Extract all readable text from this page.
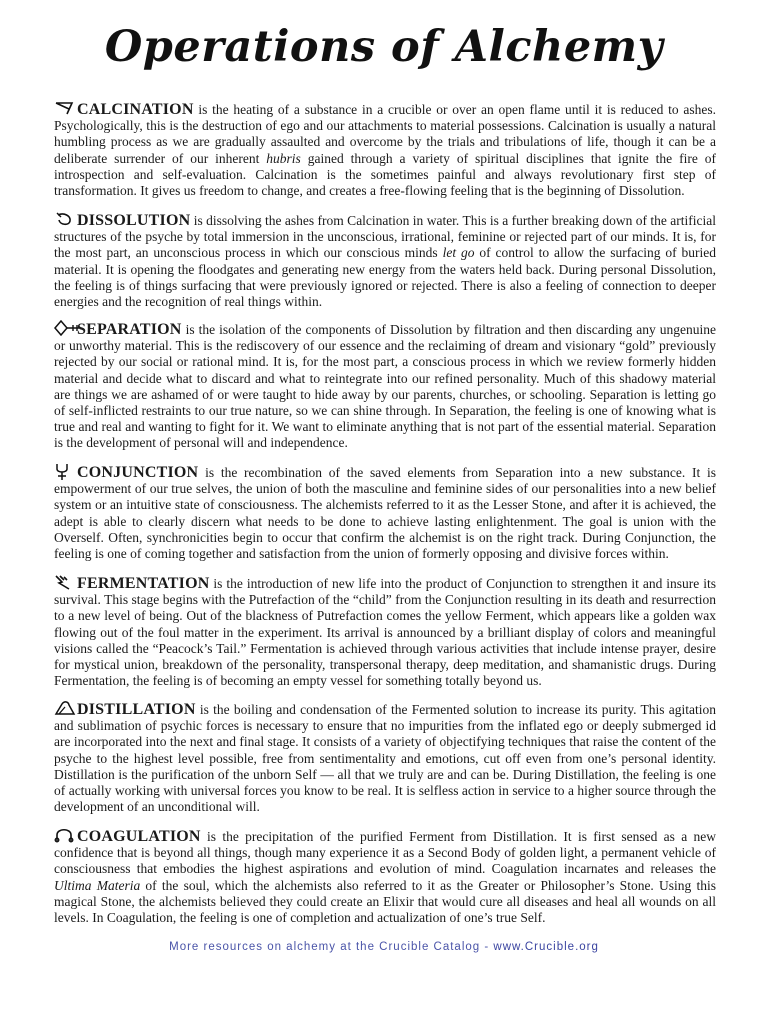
Operations of Alchemy

CALCINATION is the heating of a substance in a crucible or over an open flame until it is reduced to ashes. Psychologically, this is the destruction of ego and our attachments to material possessions. Calcination is usually a natural humbling process as we are gradually assaulted and overcome by the trials and tribulations of life, though it can be a deliberate surrender of our inherent hubris gained through a variety of spiritual disciplines that ignite the fire of introspection and self-evaluation. Calcination is the sometimes painful and always revolutionary first step of transformation. It gives us freedom to change, and creates a free-flowing feeling that is the beginning of Dissolution.

DISSOLUTION is dissolving the ashes from Calcination in water. This is a further breaking down of the artificial structures of the psyche by total immersion in the unconscious, irrational, feminine or rejected part of our minds. It is, for the most part, an unconscious process in which our conscious minds let go of control to allow the surfacing of buried material. It is opening the floodgates and generating new energy from the waters held back. During personal Dissolution, the feeling is of things surfacing that were previously ignored or rejected. There is also a feeling of connection to deeper energies and the recognition of real things within.

SEPARATION is the isolation of the components of Dissolution by filtration and then discarding any ungenuine or unworthy material. This is the rediscovery of our essence and the reclaiming of dream and visionary “gold” previously rejected by our social or rational mind. It is, for the most part, a conscious process in which we review formerly hidden material and decide what to discard and what to reintegrate into our refined personality. Much of this shadowy material are things we are ashamed of or were taught to hide away by our parents, churches, or schooling. Separation is letting go of self-inflicted restraints to our true nature, so we can shine through. In Separation, the feeling is one of knowing what is true and real and wanting to fight for it. We want to eliminate anything that is not part of the essential material. Separation is the development of personal will and independence.

CONJUNCTION is the recombination of the saved elements from Separation into a new substance. It is empowerment of our true selves, the union of both the masculine and feminine sides of our personalities into a new belief system or an intuitive state of consciousness. The alchemists referred to it as the Lesser Stone, and after it is achieved, the adept is able to clearly discern what needs to be done to achieve lasting enlightenment. The goal is union with the Overself. Often, synchronicities begin to occur that confirm the alchemist is on the right track. During Conjunction, the feeling is one of coming together and satisfaction from the union of formerly opposing and divisive forces within.

FERMENTATION is the introduction of new life into the product of Conjunction to strengthen it and insure its survival. This stage begins with the Putrefaction of the “child” from the Conjunction resulting in its death and resurrection to a new level of being. Out of the blackness of Putrefaction comes the yellow Ferment, which appears like a golden wax flowing out of the foul matter in the experiment. Its arrival is announced by a brilliant display of colors and meaningful visions called the “Peacock’s Tail.” Fermentation is achieved through various activities that include intense prayer, desire for mystical union, breakdown of the personality, transpersonal therapy, deep meditation, and shamanistic drugs. During Fermentation, the feeling is of becoming an empty vessel for something totally beyond us.

DISTILLATION is the boiling and condensation of the Fermented solution to increase its purity. This agitation and sublimation of psychic forces is necessary to ensure that no impurities from the inflated ego or deeply submerged id are incorporated into the next and final stage. It consists of a variety of objectifying techniques that raise the content of the psyche to the highest level possible, free from sentimentality and emotions, cut off even from one’s personal identity. Distillation is the purification of the unborn Self — all that we truly are and can be. During Distillation, the feeling is one of actually working with universal forces you know to be real. It is selfless action in service to a higher source through the development of an unconditional will.

COAGULATION is the precipitation of the purified Ferment from Distillation. It is first sensed as a new confidence that is beyond all things, though many experience it as a Second Body of golden light, a permanent vehicle of consciousness that embodies the highest aspirations and evolution of mind. Coagulation incarnates and releases the Ultima Materia of the soul, which the alchemists also referred to it as the Greater or Philosopher’s Stone. Using this magical Stone, the alchemists believed they could create an Elixir that would cure all diseases and heal all wounds on all levels. In Coagulation, the feeling is one of completion and actualization of one’s true Self.

More resources on alchemy at the Crucible Catalog - www.Crucible.org
